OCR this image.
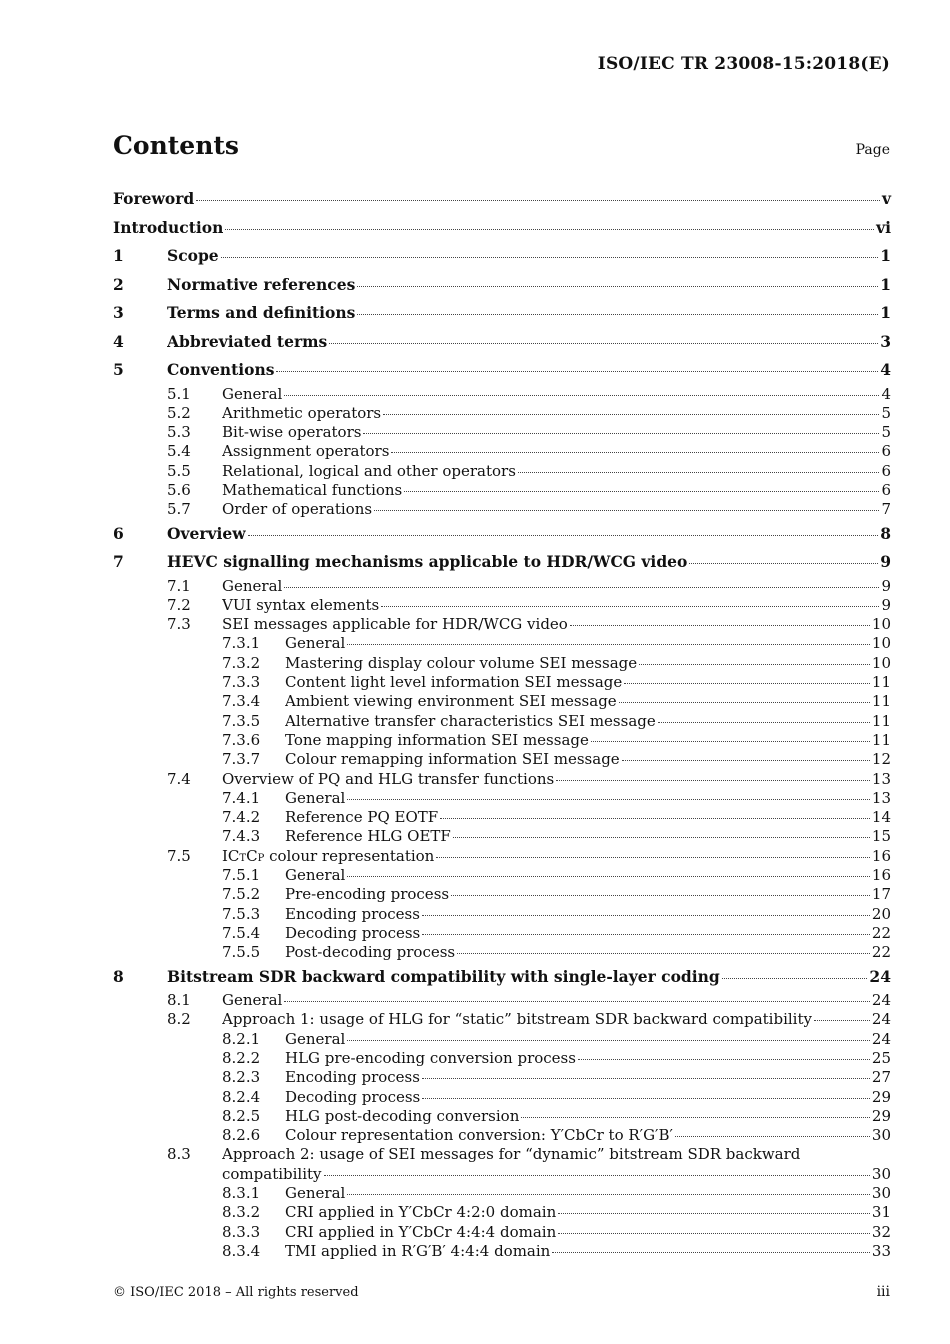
ISO/IEC TR 23008-15:2018(E)
Contents	Page
Foreword	v
Introduction	vi
1	Scope	1
2	Normative references	1
3	Terms and definitions	1
4	Abbreviated terms	3
5	Conventions	4
5.1	General	4
5.2	Arithmetic operators	5
5.3	Bit-wise operators	5
5.4	Assignment operators	6
5.5	Relational, logical and other operators	6
5.6	Mathematical functions	6
5.7	Order of operations	7
6	Overview	8
7	HEVC signalling mechanisms applicable to HDR/WCG video	9
7.1	General	9
7.2	VUI syntax elements	9
7.3	SEI messages applicable for HDR/WCG video	10
7.3.1	General	10
7.3.2	Mastering display colour volume SEI message	10
7.3.3	Content light level information SEI message	11
7.3.4	Ambient viewing environment SEI message	11
7.3.5	Alternative transfer characteristics SEI message	11
7.3.6	Tone mapping information SEI message	11
7.3.7	Colour remapping information SEI message	12
7.4	Overview of PQ and HLG transfer functions	13
7.4.1	General	13
7.4.2	Reference PQ EOTF	14
7.4.3	Reference HLG OETF	15
7.5	ICTCP colour representation	16
7.5.1	General	16
7.5.2	Pre-encoding process	17
7.5.3	Encoding process	20
7.5.4	Decoding process	22
7.5.5	Post-decoding process	22
8	Bitstream SDR backward compatibility with single-layer coding	24
8.1	General	24
8.2	Approach 1: usage of HLG for “static” bitstream SDR backward compatibility	24
8.2.1	General	24
8.2.2	HLG pre-encoding conversion process	25
8.2.3	Encoding process	27
8.2.4	Decoding process	29
8.2.5	HLG post-decoding conversion	29
8.2.6	Colour representation conversion: Y′CbCr to R′G′B′	30
8.3	Approach 2: usage of SEI messages for “dynamic” bitstream SDR backward
compatibility	30
8.3.1	General	30
8.3.2	CRI applied in Y′CbCr 4:2:0 domain	31
8.3.3	CRI applied in Y′CbCr 4:4:4 domain	32
8.3.4	TMI applied in R′G′B′ 4:4:4 domain	33
© ISO/IEC 2018 – All rights reserved	iii
